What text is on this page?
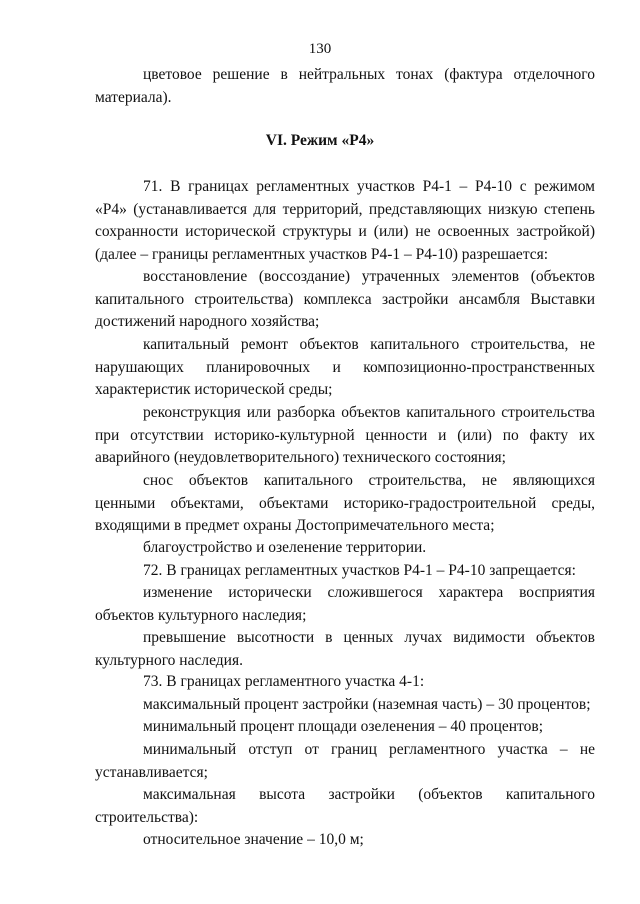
130

цветовое решение в нейтральных тонах (фактура отделочного материала).

VI. Режим «Р4»

71. В границах регламентных участков Р4-1 – Р4-10 с режимом «Р4» (устанавливается для территорий, представляющих низкую степень сохранности исторической структуры и (или) не освоенных застройкой) (далее – границы регламентных участков Р4-1 – Р4-10) разрешается:

восстановление (воссоздание) утраченных элементов (объектов капитального строительства) комплекса застройки ансамбля Выставки достижений народного хозяйства;

капитальный ремонт объектов капитального строительства, не нарушающих планировочных и композиционно-пространственных характеристик исторической среды;

реконструкция или разборка объектов капитального строительства при отсутствии историко-культурной ценности и (или) по факту их аварийного (неудовлетворительного) технического состояния;

снос объектов капитального строительства, не являющихся ценными объектами, объектами историко-градостроительной среды, входящими в предмет охраны Достопримечательного места;

благоустройство и озеленение территории.

72. В границах регламентных участков Р4-1 – Р4-10 запрещается:

изменение исторически сложившегося характера восприятия объектов культурного наследия;

превышение высотности в ценных лучах видимости объектов культурного наследия.

73. В границах регламентного участка 4-1:

максимальный процент застройки (наземная часть) – 30 процентов;

минимальный процент площади озеленения – 40 процентов;

минимальный отступ от границ регламентного участка – не устанавливается;

максимальная высота застройки (объектов капитального строительства):

относительное значение – 10,0 м;
